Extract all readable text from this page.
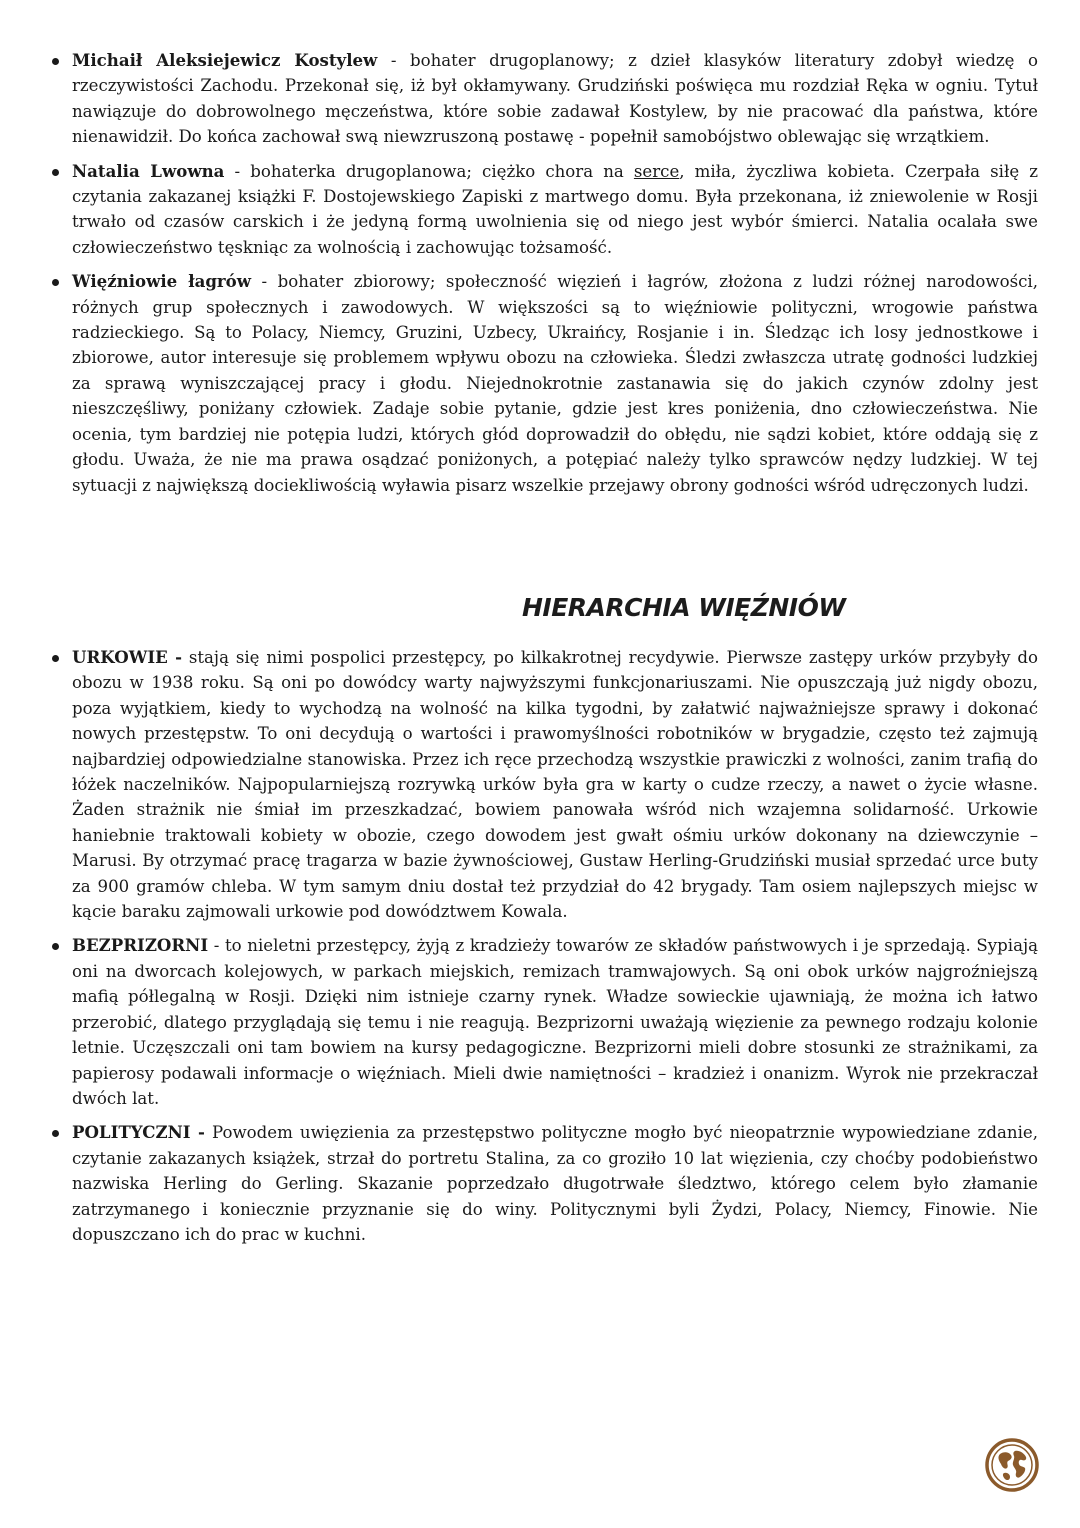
Michaił Aleksiejewicz Kostylew - bohater drugoplanowy; z dzieł klasyków literatury zdobył wiedzę o rzeczywistości Zachodu. Przekonał się, iż był okłamywany. Grudziński poświęca mu rozdział Ręka w ogniu. Tytuł nawiązuje do dobrowolnego męczeństwa, które sobie zadawał Kostylew, by nie pracować dla państwa, które nienawidził. Do końca zachował swą niewzruszoną postawę - popełnił samobójstwo oblewając się wrzątkiem.
Natalia Lwowna - bohaterka drugoplanowa; ciężko chora na serce, miła, życzliwa kobieta. Czerpała siłę z czytania zakazanej książki F. Dostojewskiego Zapiski z martwego domu. Była przekonana, iż zniewolenie w Rosji trwało od czasów carskich i że jedyną formą uwolnienia się od niego jest wybór śmierci. Natalia ocalała swe człowieczeństwo tęskniąc za wolnością i zachowując tożsamość.
Więźniowie łagrów - bohater zbiorowy; społeczność więzień i łagrów, złożona z ludzi różnej narodowości, różnych grup społecznych i zawodowych. W większości są to więźniowie polityczni, wrogowie państwa radzieckiego. Są to Polacy, Niemcy, Gruzini, Uzbecy, Ukraińcy, Rosjanie i in. Śledząc ich losy jednostkowe i zbiorowe, autor interesuje się problemem wpływu obozu na człowieka. Śledzi zwłaszcza utratę godności ludzkiej za sprawą wyniszczającej pracy i głodu. Niejednokrotnie zastanawia się do jakich czynów zdolny jest nieszczęśliwy, poniżany człowiek. Zadaje sobie pytanie, gdzie jest kres poniżenia, dno człowieczeństwa. Nie ocenia, tym bardziej nie potępia ludzi, których głód doprowadził do obłędu, nie sądzi kobiet, które oddają się z głodu. Uważa, że nie ma prawa osądzać poniżonych, a potępiać należy tylko sprawców nędzy ludzkiej. W tej sytuacji z największą dociekliwością wyławia pisarz wszelkie przejawy obrony godności wśród udręczonych ludzi.
HIERARCHIA WIĘŹNIÓW
URKOWIE - stają się nimi pospolici przestępcy, po kilkakrotnej recydywie. Pierwsze zastępy urków przybyły do obozu w 1938 roku. Są oni po dowódcy warty najwyższymi funkcjonariuszami. Nie opuszczają już nigdy obozu, poza wyjątkiem, kiedy to wychodzą na wolność na kilka tygodni, by załatwić najważniejsze sprawy i dokonać nowych przestępstw. To oni decydują o wartości i prawomyślności robotników w brygadzie, często też zajmują najbardziej odpowiedzialne stanowiska. Przez ich ręce przechodzą wszystkie prawiczki z wolności, zanim trafią do łóżek naczelników. Najpopularniejszą rozrywką urków była gra w karty o cudze rzeczy, a nawet o życie własne. Żaden strażnik nie śmiał im przeszkadzać, bowiem panowała wśród nich wzajemna solidarność. Urkowie haniebnie traktowali kobiety w obozie, czego dowodem jest gwałt ośmiu urków dokonany na dziewczynie – Marusi. By otrzymać pracę tragarza w bazie żywnościowej, Gustaw Herling-Grudziński musiał sprzedać urce buty za 900 gramów chleba. W tym samym dniu dostał też przydział do 42 brygady. Tam osiem najlepszych miejsc w kącie baraku zajmowali urkowie pod dowództwem Kowala.
BEZPRIZORNI - to nieletni przestępcy, żyją z kradzieży towarów ze składów państwowych i je sprzedają. Sypiają oni na dworcach kolejowych, w parkach miejskich, remizach tramwajowych. Są oni obok urków najgroźniejszą mafią półlegalną w Rosji. Dzięki nim istnieje czarny rynek. Władze sowieckie ujawniają, że można ich łatwo przerobić, dlatego przyglądają się temu i nie reagują. Bezprizorni uważają więzienie za pewnego rodzaju kolonie letnie. Uczęszczali oni tam bowiem na kursy pedagogiczne. Bezprizorni mieli dobre stosunki ze strażnikami, za papierosy podawali informacje o więźniach. Mieli dwie namiętności – kradzież i onanizm. Wyrok nie przekraczał dwóch lat.
POLITYCZNI - Powodem uwięzienia za przestępstwo polityczne mogło być nieopatrznie wypowiedziane zdanie, czytanie zakazanych książek, strzał do portretu Stalina, za co groziło 10 lat więzienia, czy choćby podobieństwo nazwiska Herling do Gerling. Skazanie poprzedzało długotrwałe śledztwo, którego celem było złamanie zatrzymanego i koniecznie przyznanie się do winy. Politycznymi byli Żydzi, Polacy, Niemcy, Finowie. Nie dopuszczano ich do prac w kuchni.
